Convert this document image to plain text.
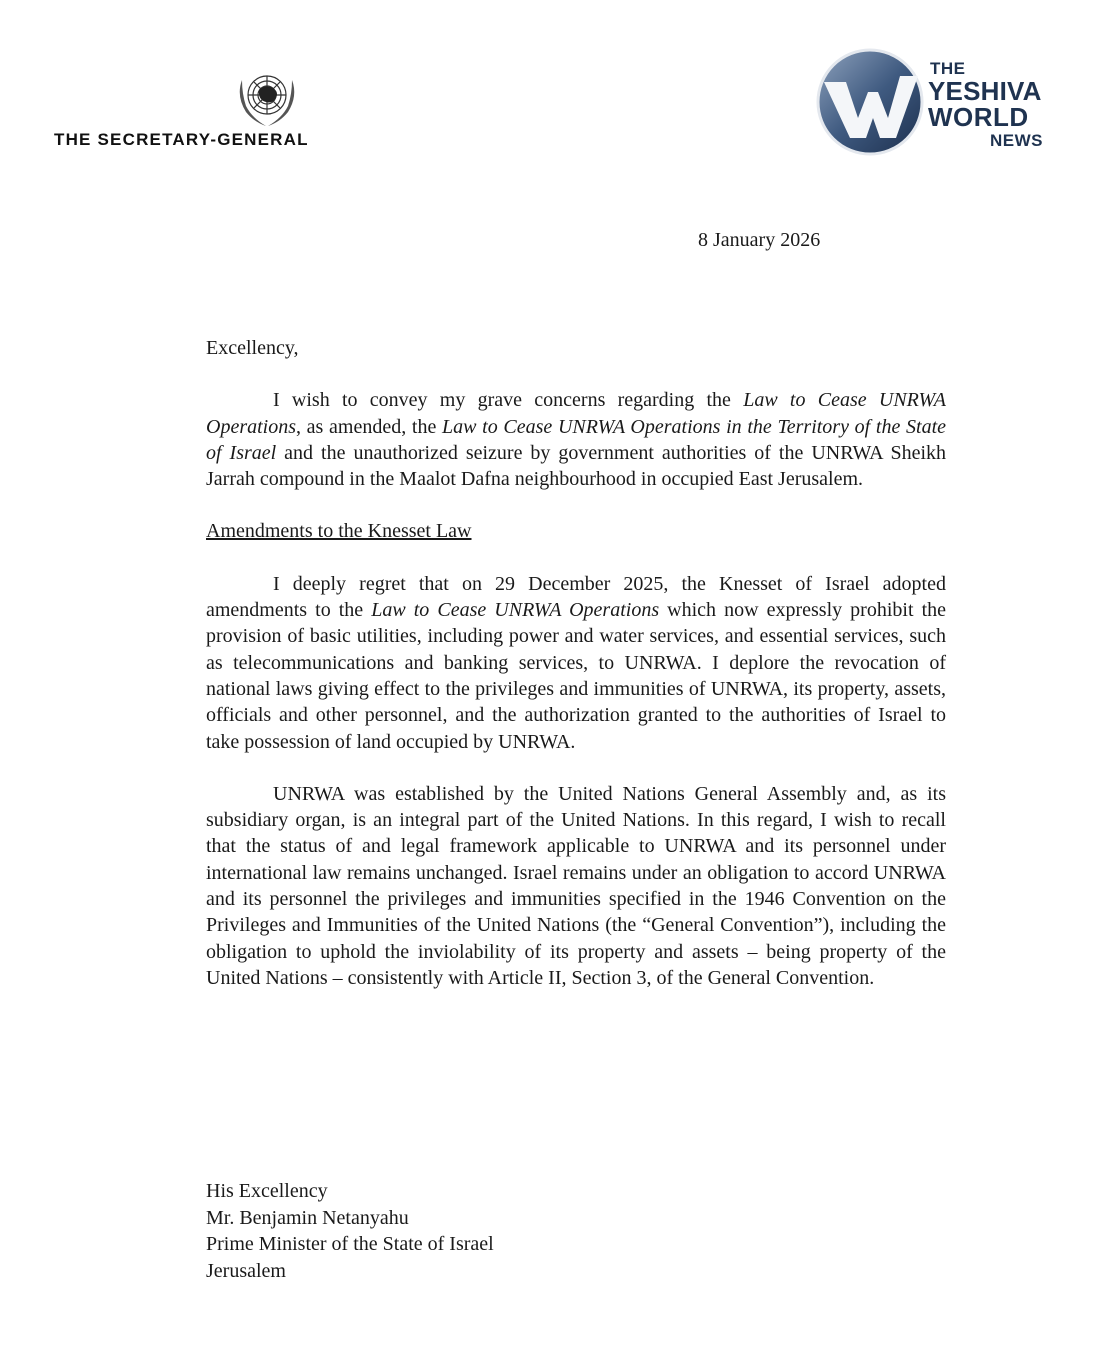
THE SECRETARY-GENERAL
THE
YESHIVA
WORLD
NEWS
8 January 2026

Excellency,

I wish to convey my grave concerns regarding the Law to Cease UNRWA Operations, as amended, the Law to Cease UNRWA Operations in the Territory of the State of Israel and the unauthorized seizure by government authorities of the UNRWA Sheikh Jarrah compound in the Maalot Dafna neighbourhood in occupied East Jerusalem.

Amendments to the Knesset Law

I deeply regret that on 29 December 2025, the Knesset of Israel adopted amendments to the Law to Cease UNRWA Operations which now expressly prohibit the provision of basic utilities, including power and water services, and essential services, such as telecommunications and banking services, to UNRWA. I deplore the revocation of national laws giving effect to the privileges and immunities of UNRWA, its property, assets, officials and other personnel, and the authorization granted to the authorities of Israel to take possession of land occupied by UNRWA.

UNRWA was established by the United Nations General Assembly and, as its subsidiary organ, is an integral part of the United Nations. In this regard, I wish to recall that the status of and legal framework applicable to UNRWA and its personnel under international law remains unchanged. Israel remains under an obligation to accord UNRWA and its personnel the privileges and immunities specified in the 1946 Convention on the Privileges and Immunities of the United Nations (the “General Convention”), including the obligation to uphold the inviolability of its property and assets – being property of the United Nations – consistently with Article II, Section 3, of the General Convention.

His Excellency
Mr. Benjamin Netanyahu
Prime Minister of the State of Israel
Jerusalem
